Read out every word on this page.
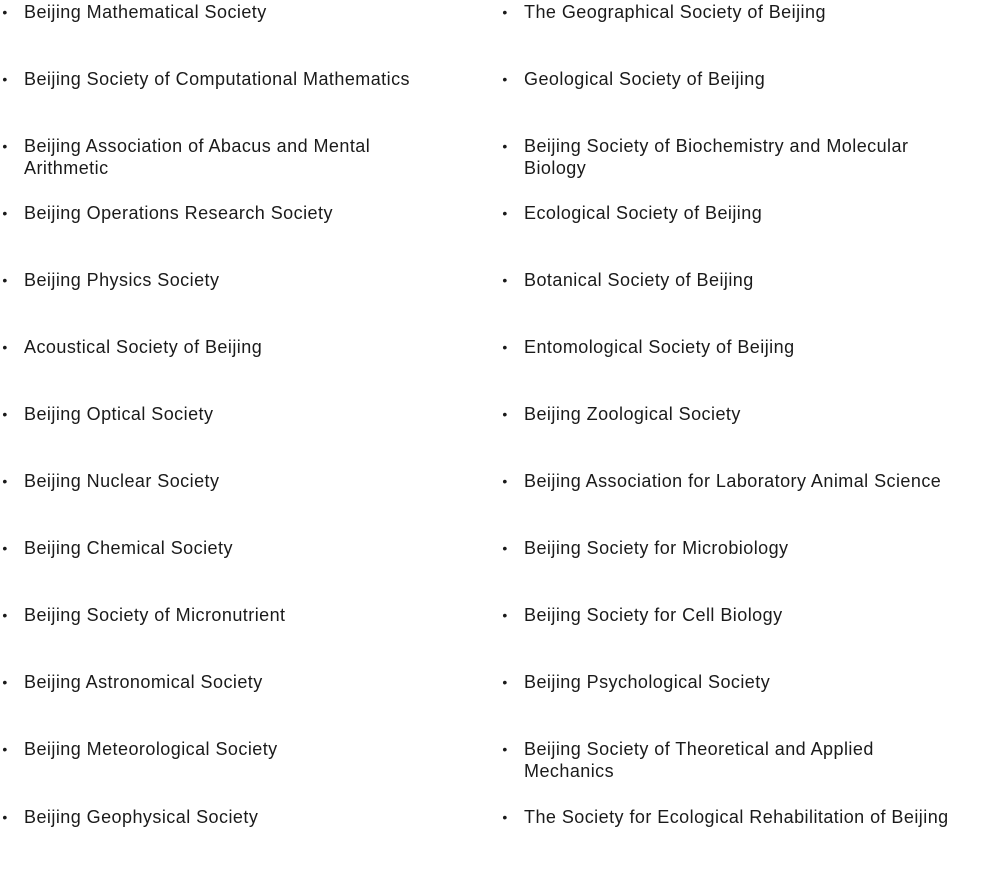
• Beijing Mathematical Society
• Beijing Society of Computational Mathematics
• Beijing Association of Abacus and Mental Arithmetic
• Beijing Operations Research Society
• Beijing Physics Society
• Acoustical Society of Beijing
• Beijing Optical Society
• Beijing Nuclear Society
• Beijing Chemical Society
• Beijing Society of Micronutrient
• Beijing Astronomical Society
• Beijing Meteorological Society
• Beijing Geophysical Society
• The Geographical Society of Beijing
• Geological Society of Beijing
• Beijing Society of Biochemistry and Molecular Biology
• Ecological Society of Beijing
• Botanical Society of Beijing
• Entomological Society of Beijing
• Beijing Zoological Society
• Beijing Association for Laboratory Animal Science
• Beijing Society for Microbiology
• Beijing Society for Cell Biology
• Beijing Psychological Society
• Beijing Society of Theoretical and Applied Mechanics
• The Society for Ecological Rehabilitation of Beijing
